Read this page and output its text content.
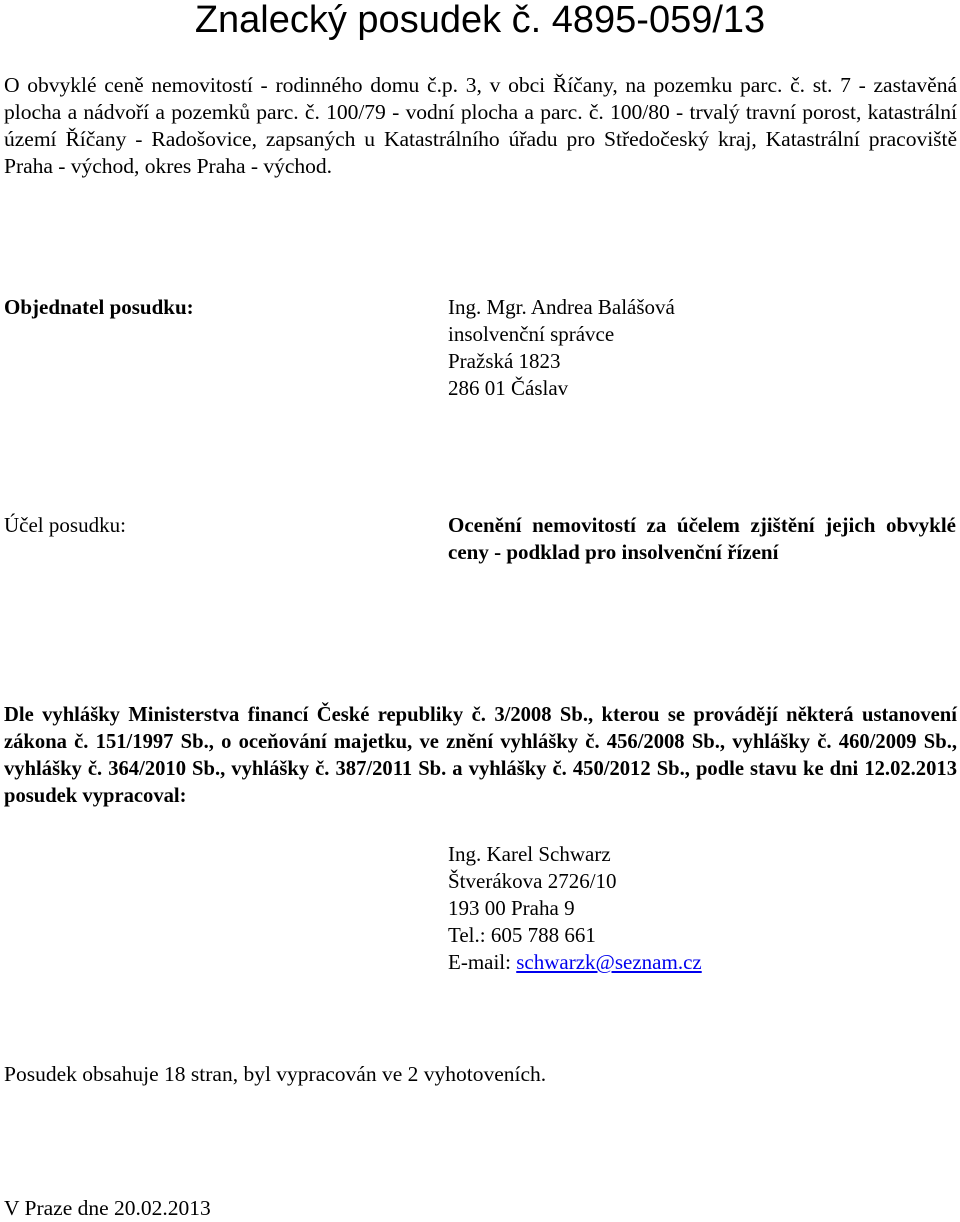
Znalecký posudek č. 4895-059/13

O obvyklé ceně nemovitostí - rodinného domu č.p. 3, v obci Říčany, na pozemku parc. č. st. 7 - zastavěná plocha a nádvoří a pozemků parc. č. 100/79 - vodní plocha a parc. č. 100/80 - trvalý travní porost, katastrální území Říčany - Radošovice, zapsaných u Katastrálního úřadu pro Středočeský kraj, Katastrální pracoviště Praha - východ, okres Praha - východ.

Objednatel posudku:	Ing. Mgr. Andrea Balášová
insolvenční správce
Pražská 1823
286 01 Čáslav
Účel posudku:	Ocenění nemovitostí za účelem zjištění jejich obvyklé ceny - podklad pro insolvenční řízení

Dle vyhlášky Ministerstva financí České republiky č. 3/2008 Sb., kterou se provádějí některá ustanovení zákona č. 151/1997 Sb., o oceňování majetku, ve znění vyhlášky č. 456/2008 Sb., vyhlášky č. 460/2009 Sb., vyhlášky č. 364/2010 Sb., vyhlášky č. 387/2011 Sb. a vyhlášky č. 450/2012 Sb., podle stavu ke dni 12.02.2013 posudek vypracoval:

Ing. Karel Schwarz
Štverákova 2726/10
193 00 Praha 9
Tel.: 605 788 661
E-mail: schwarzk@seznam.cz

Posudek obsahuje 18 stran, byl vypracován ve 2 vyhotoveních.

V Praze dne 20.02.2013
